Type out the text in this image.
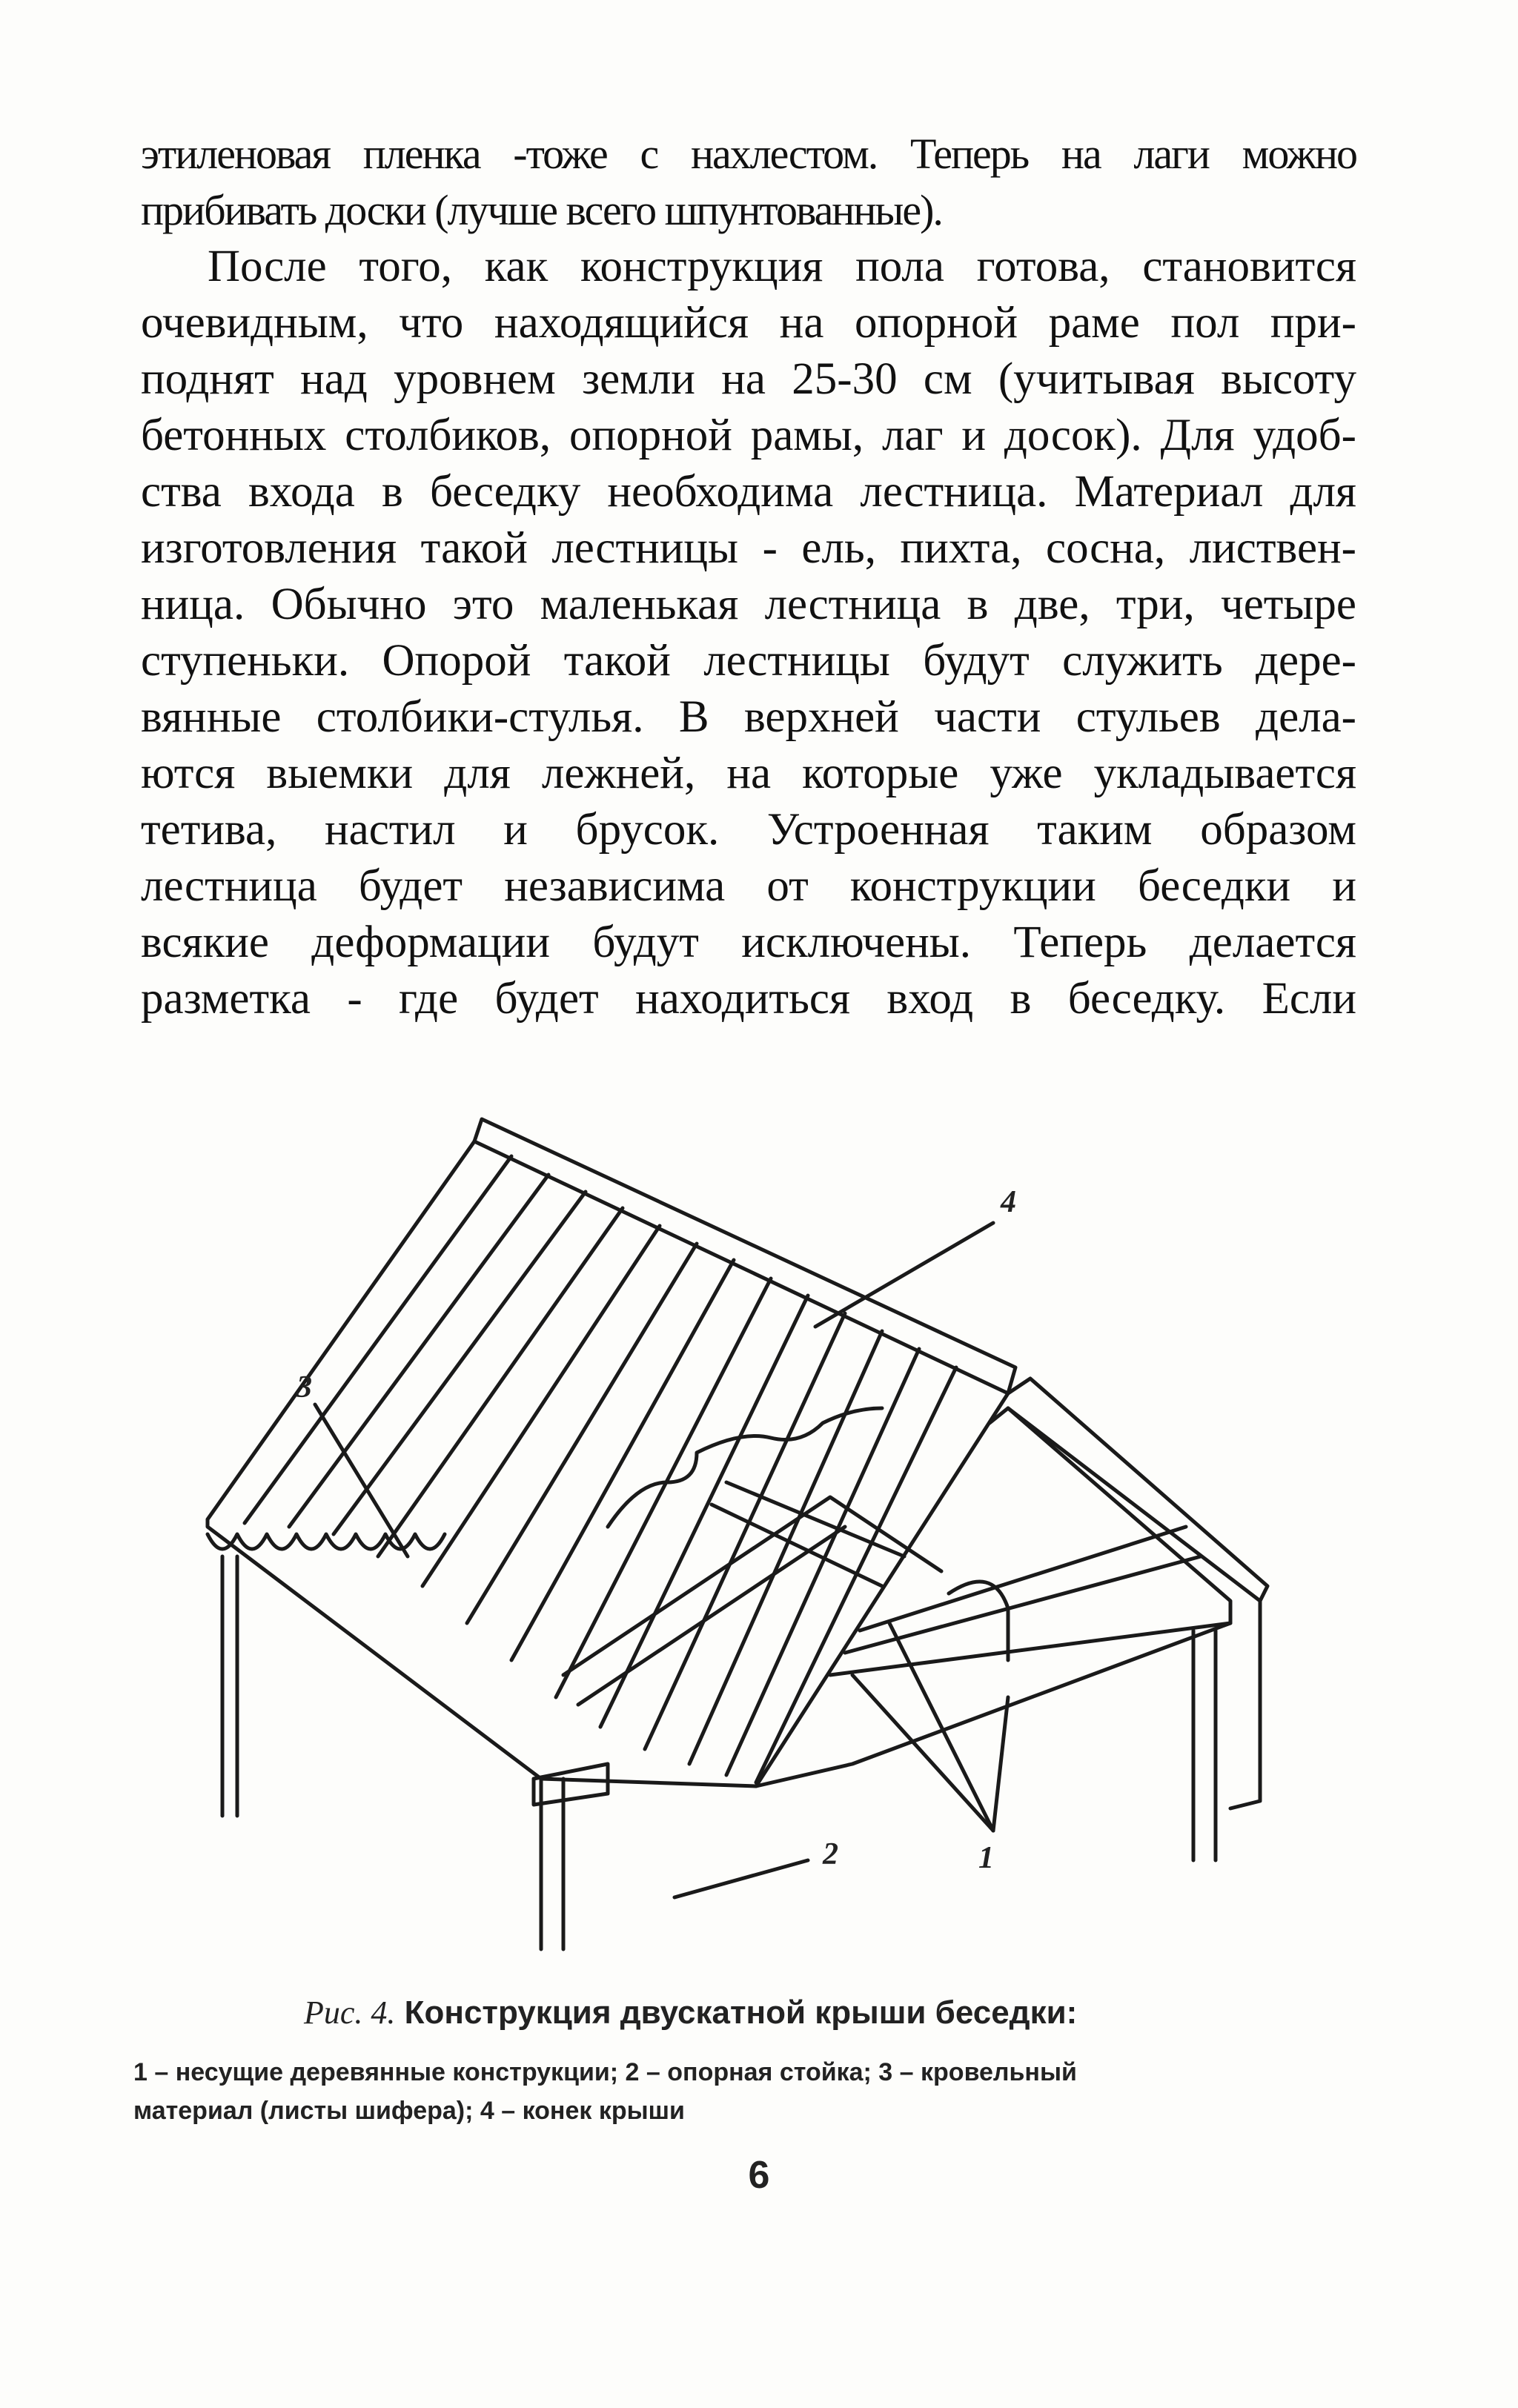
этиленовая пленка -тоже с нахлестом. Теперь на лаги можно
прибивать доски (лучше всего шпунтованные).
После того, как конструкция пола готова, становится
очевидным, что находящийся на опорной раме пол при-
поднят над уровнем земли на 25-30 см (учитывая высоту
бетонных столбиков, опорной рамы, лаг и досок). Для удоб-
ства входа в беседку необходима лестница. Материал для
изготовления такой лестницы - ель, пихта, сосна, листвен-
ница. Обычно это маленькая лестница в две, три, четыре
ступеньки. Опорой такой лестницы будут служить дере-
вянные столбики-стулья. В верхней части стульев дела-
ются выемки для лежней, на которые уже укладывается
тетива, настил и брусок. Устроенная таким образом
лестница будет независима от конструкции беседки и
всякие деформации будут исключены. Теперь делается
разметка - где будет находиться вход в беседку. Если
3
4
1
2
Рис. 4. Конструкция двускатной крыши беседки:
1 – несущие деревянные конструкции; 2 – опорная стойка; 3 – кровельный
материал (листы шифера); 4 – конек крыши
6
